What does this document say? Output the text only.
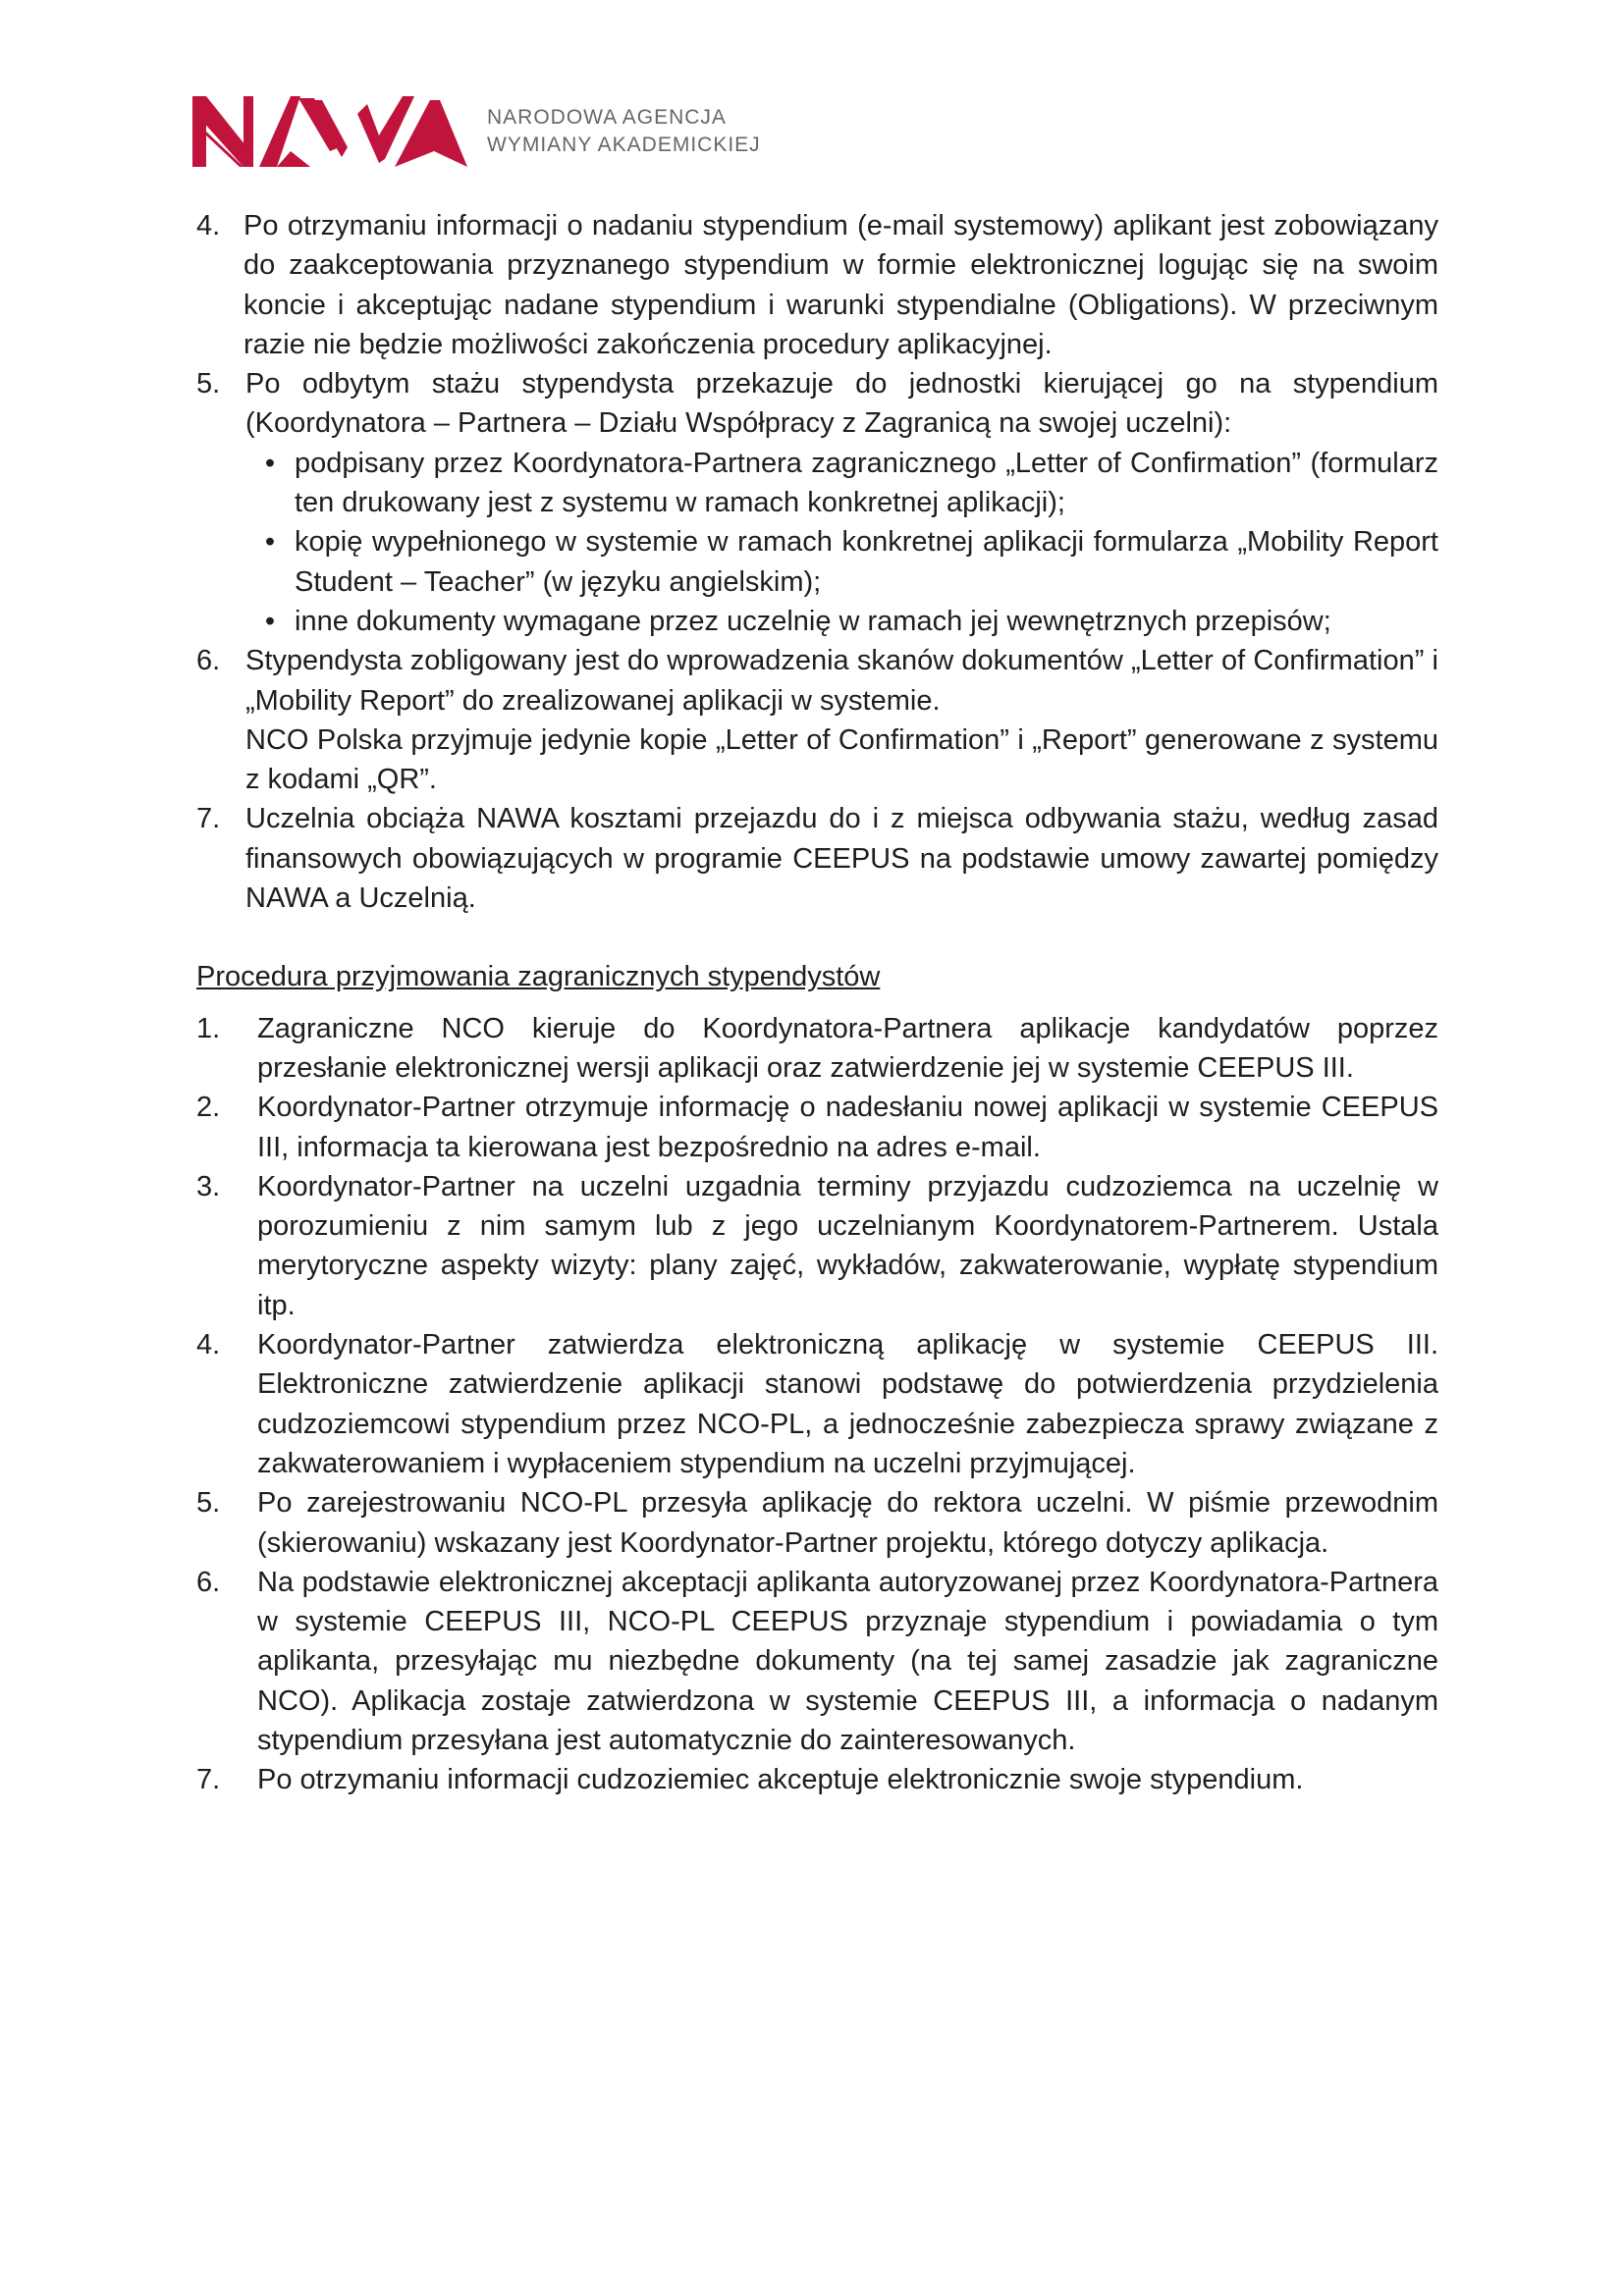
NARODOWA AGENCJA
WYMIANY AKADEMICKIEJ
4. Po otrzymaniu informacji o nadaniu stypendium (e-mail systemowy) aplikant jest zobowiązany do zaakceptowania przyznanego stypendium w formie elektronicznej logując się na swoim koncie i akceptując nadane stypendium i warunki stypendialne (Obligations). W przeciwnym razie nie będzie możliwości zakończenia procedury aplikacyjnej.
5. Po odbytym stażu stypendysta przekazuje do jednostki kierującej go na stypendium (Koordynatora – Partnera – Działu Współpracy z Zagranicą na swojej uczelni):
• podpisany przez Koordynatora-Partnera zagranicznego „Letter of Confirmation” (formularz ten drukowany jest z systemu w ramach konkretnej aplikacji);
• kopię wypełnionego w systemie w ramach konkretnej aplikacji formularza „Mobility Report Student – Teacher” (w języku angielskim);
• inne dokumenty wymagane przez uczelnię w ramach jej wewnętrznych przepisów;
6. Stypendysta zobligowany jest do wprowadzenia skanów dokumentów „Letter of Confirmation” i „Mobility Report” do zrealizowanej aplikacji w systemie.
NCO Polska przyjmuje jedynie kopie „Letter of Confirmation” i „Report” generowane z systemu z kodami „QR”.
7. Uczelnia obciąża NAWA kosztami przejazdu do i z miejsca odbywania stażu, według zasad finansowych obowiązujących w programie CEEPUS na podstawie umowy zawartej pomiędzy NAWA a Uczelnią.
Procedura przyjmowania zagranicznych stypendystów
1.	Zagraniczne NCO kieruje do Koordynatora-Partnera aplikacje kandydatów poprzez przesłanie elektronicznej wersji aplikacji oraz zatwierdzenie jej w systemie CEEPUS III.
2.	Koordynator-Partner otrzymuje informację o nadesłaniu nowej aplikacji w systemie CEEPUS III, informacja ta kierowana jest bezpośrednio na adres e-mail.
3.	Koordynator-Partner na uczelni uzgadnia terminy przyjazdu cudzoziemca na uczelnię w porozumieniu z nim samym lub z jego uczelnianym Koordynatorem-Partnerem. Ustala merytoryczne aspekty wizyty: plany zajęć, wykładów, zakwaterowanie, wypłatę stypendium itp.
4.	Koordynator-Partner zatwierdza elektroniczną aplikację w systemie CEEPUS III. Elektroniczne zatwierdzenie aplikacji stanowi podstawę do potwierdzenia przydzielenia cudzoziemcowi stypendium przez NCO-PL, a jednocześnie zabezpiecza sprawy związane z zakwaterowaniem i wypłaceniem stypendium na uczelni przyjmującej.
5.	Po zarejestrowaniu NCO-PL przesyła aplikację do rektora uczelni. W piśmie przewodnim (skierowaniu) wskazany jest Koordynator-Partner projektu, którego dotyczy aplikacja.
6.	Na podstawie elektronicznej akceptacji aplikanta autoryzowanej przez Koordynatora-Partnera w systemie CEEPUS III, NCO-PL CEEPUS przyznaje stypendium i powiadamia o tym aplikanta, przesyłając mu niezbędne dokumenty (na tej samej zasadzie jak zagraniczne NCO). Aplikacja zostaje zatwierdzona w systemie CEEPUS III, a informacja o nadanym stypendium przesyłana jest automatycznie do zainteresowanych.
7.	Po otrzymaniu informacji cudzoziemiec akceptuje elektronicznie swoje stypendium.
